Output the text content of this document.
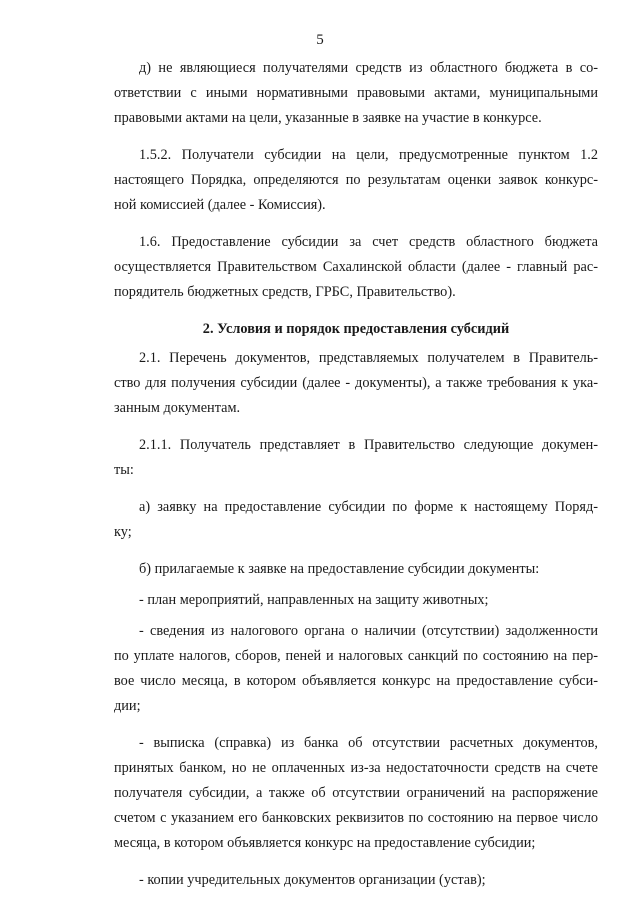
5
д) не являющиеся получателями средств из областного бюджета в со-
ответствии с иными нормативными правовыми актами, муниципальными
правовыми актами на цели, указанные в заявке на участие в конкурсе.
1.5.2. Получатели субсидии на цели, предусмотренные пунктом 1.2
настоящего Порядка, определяются по результатам оценки заявок конкурс-
ной комиссией (далее - Комиссия).
1.6. Предоставление субсидии за счет средств областного бюджета
осуществляется Правительством Сахалинской области (далее - главный рас-
порядитель бюджетных средств, ГРБС, Правительство).
2. Условия и порядок предоставления субсидий
2.1. Перечень документов, представляемых получателем в Правитель-
ство для получения субсидии (далее - документы), а также требования к ука-
занным документам.
2.1.1. Получатель представляет в Правительство следующие докумен-
ты:
а) заявку на предоставление субсидии по форме к настоящему Поряд-
ку;
б) прилагаемые к заявке на предоставление субсидии документы:
- план мероприятий, направленных на защиту животных;
- сведения из налогового органа о наличии (отсутствии) задолженности
по уплате налогов, сборов, пеней и налоговых санкций по состоянию на пер-
вое число месяца, в котором объявляется конкурс на предоставление субси-
дии;
- выписка (справка) из банка об отсутствии расчетных документов,
принятых банком, но не оплаченных из-за недостаточности средств на счете
получателя субсидии, а также об отсутствии ограничений на распоряжение
счетом с указанием его банковских реквизитов по состоянию на первое число
месяца, в котором объявляется конкурс на предоставление субсидии;
- копии учредительных документов организации (устав);
